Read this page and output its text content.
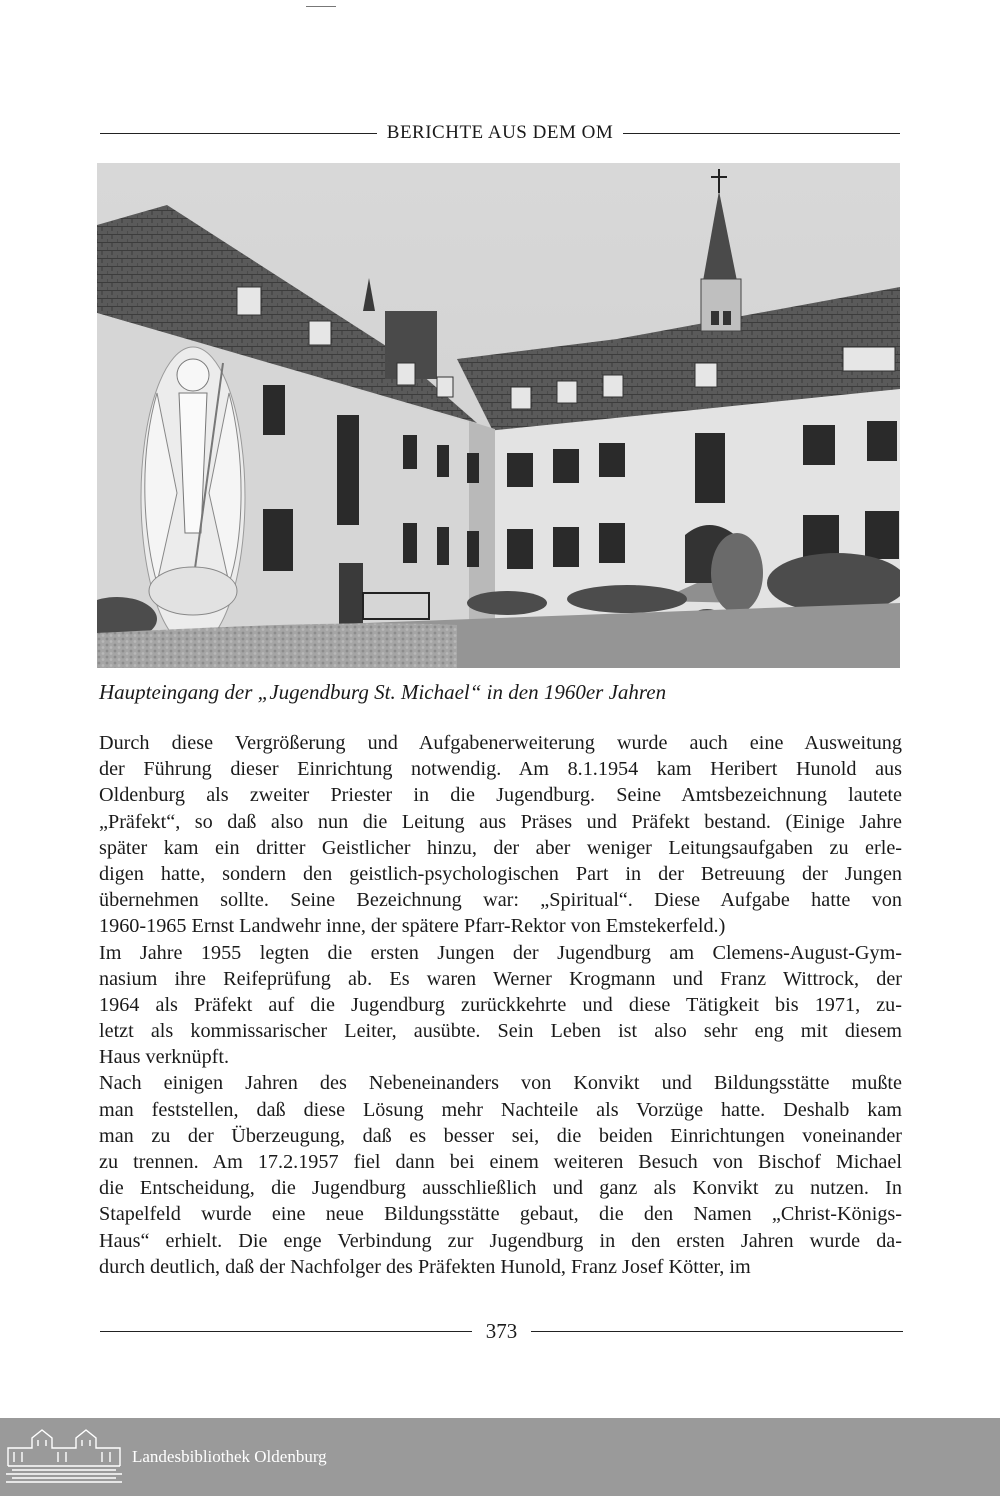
BERICHTE AUS DEM OM
Haupteingang der „Jugendburg St. Michael“ in den 1960er Jahren
Durch diese Vergrößerung und Aufgabenerweiterung wurde auch eine Ausweitung
der Führung dieser Einrichtung notwendig. Am 8.1.1954 kam Heribert Hunold aus
Oldenburg als zweiter Priester in die Jugendburg. Seine Amtsbezeichnung lautete
„Präfekt“, so daß also nun die Leitung aus Präses und Präfekt bestand. (Einige Jahre
später kam ein dritter Geistlicher hinzu, der aber weniger Leitungsaufgaben zu erle-
digen hatte, sondern den geistlich-psychologischen Part in der Betreuung der Jungen
übernehmen sollte. Seine Bezeichnung war: „Spiritual“. Diese Aufgabe hatte von
1960-1965 Ernst Landwehr inne, der spätere Pfarr-Rektor von Emstekerfeld.)
Im Jahre 1955 legten die ersten Jungen der Jugendburg am Clemens-August-Gym-
nasium ihre Reifeprüfung ab. Es waren Werner Krogmann und Franz Wittrock, der
1964 als Präfekt auf die Jugendburg zurückkehrte und diese Tätigkeit bis 1971, zu-
letzt als kommissarischer Leiter, ausübte. Sein Leben ist also sehr eng mit diesem
Haus verknüpft.
Nach einigen Jahren des Nebeneinanders von Konvikt und Bildungsstätte mußte
man feststellen, daß diese Lösung mehr Nachteile als Vorzüge hatte. Deshalb kam
man zu der Überzeugung, daß es besser sei, die beiden Einrichtungen voneinander
zu trennen. Am 17.2.1957 fiel dann bei einem weiteren Besuch von Bischof Michael
die Entscheidung, die Jugendburg ausschließlich und ganz als Konvikt zu nutzen. In
Stapelfeld wurde eine neue Bildungsstätte gebaut, die den Namen „Christ-Königs-
Haus“ erhielt. Die enge Verbindung zur Jugendburg in den ersten Jahren wurde da-
durch deutlich, daß der Nachfolger des Präfekten Hunold, Franz Josef Kötter, im
373
Landesbibliothek Oldenburg
